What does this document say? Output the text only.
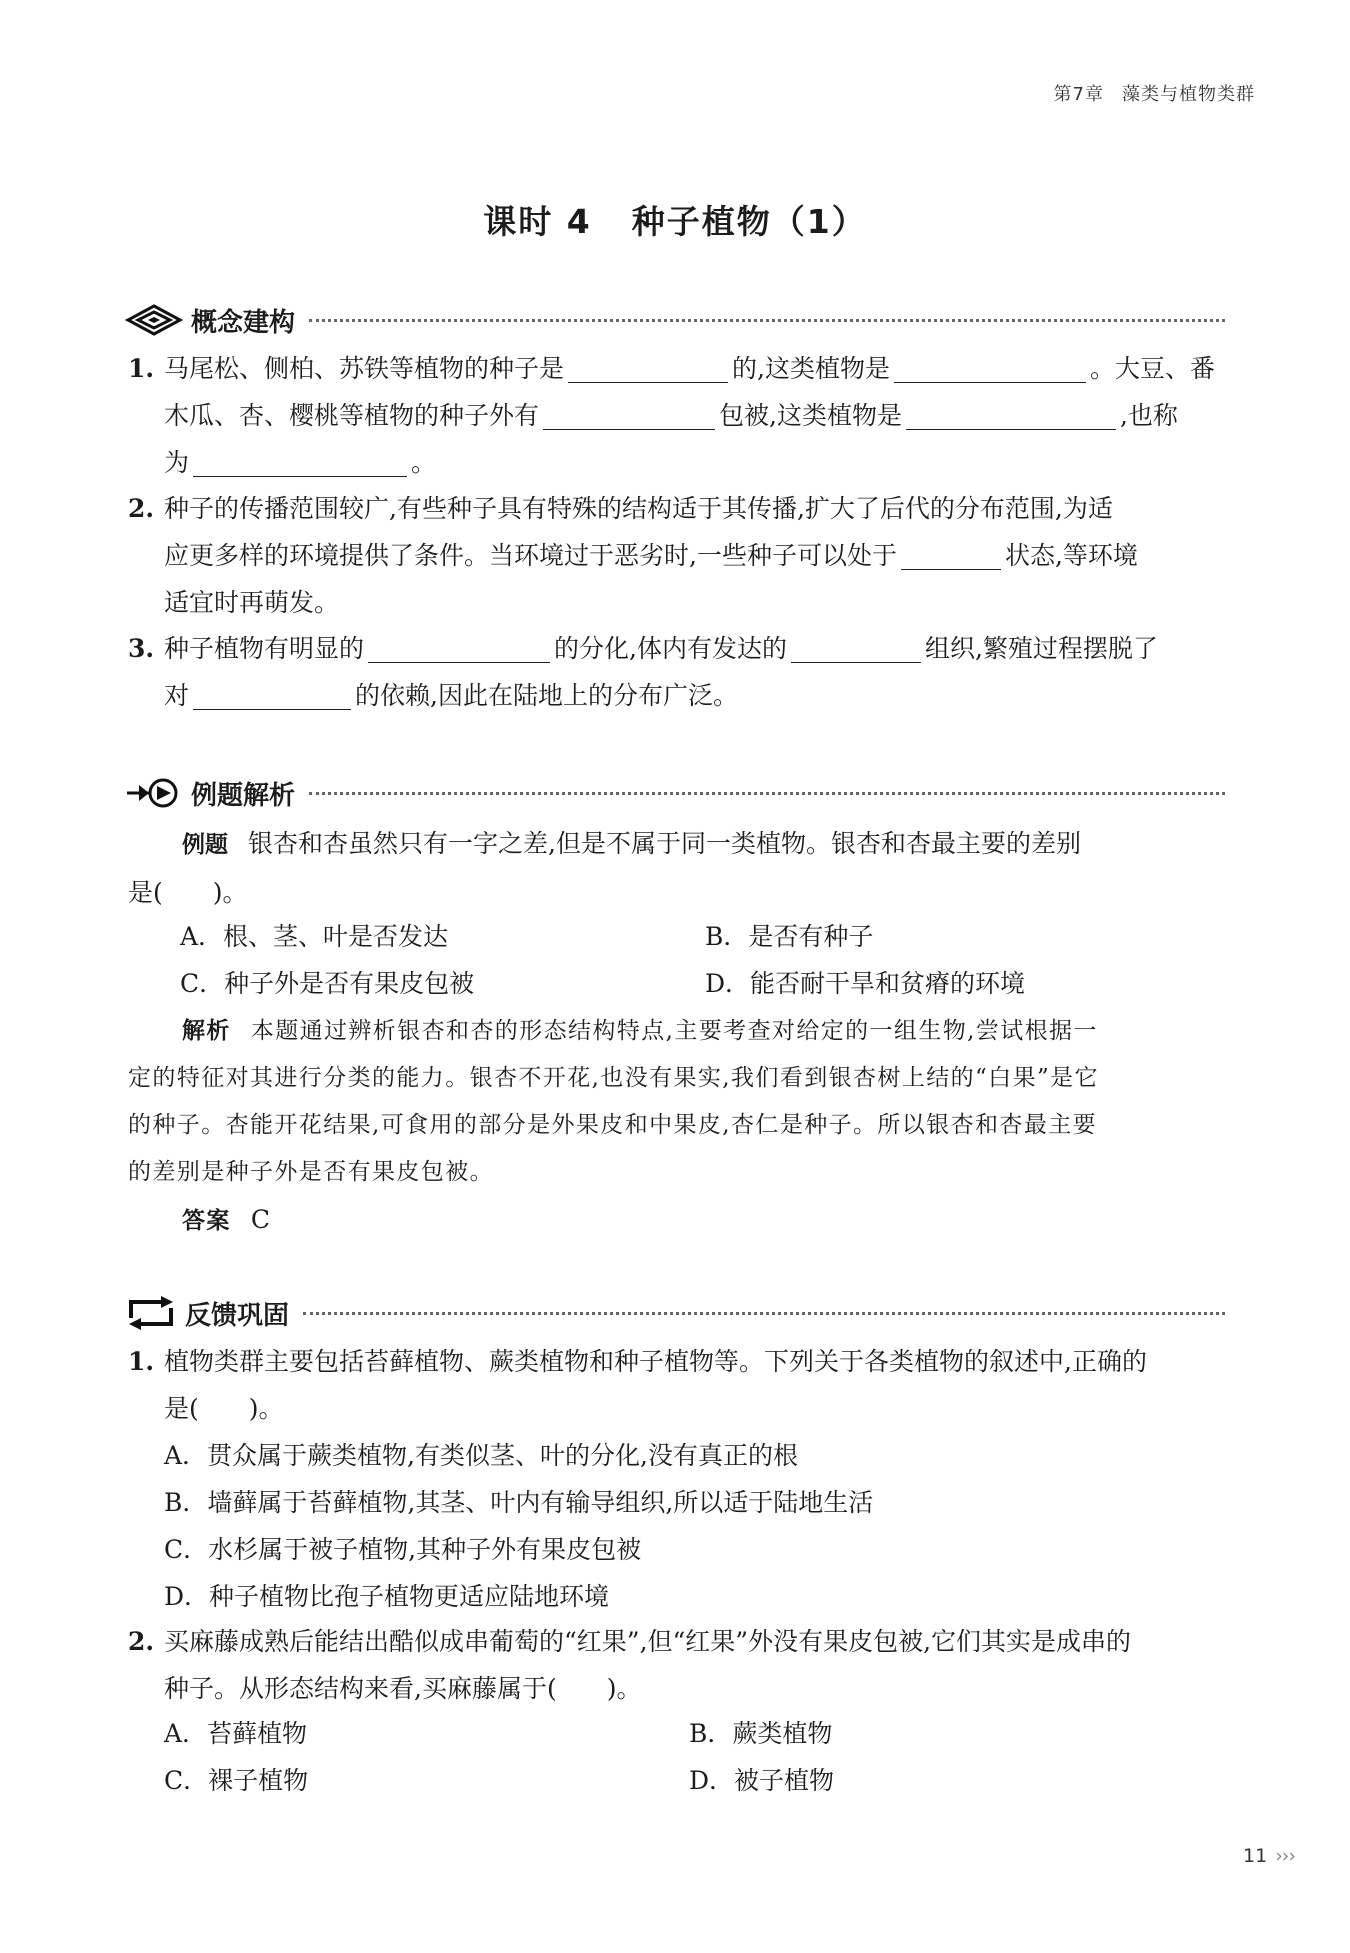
第7章 藻类与植物类群
课时 4 种子植物（1）
概念建构
1. 马尾松、侧柏、苏铁等植物的种子是	的,这类植物是	。大豆、番
木瓜、杏、樱桃等植物的种子外有	包被,这类植物是	,也称
为	。
2. 种子的传播范围较广,有些种子具有特殊的结构适于其传播,扩大了后代的分布范围,为适
应更多样的环境提供了条件。当环境过于恶劣时,一些种子可以处于	状态,等环境
适宜时再萌发。
3. 种子植物有明显的	的分化,体内有发达的	组织,繁殖过程摆脱了
对	的依赖,因此在陆地上的分布广泛。
例题解析
例题 银杏和杏虽然只有一字之差,但是不属于同一类植物。银杏和杏最主要的差别
是(　　)。
A．根、茎、叶是否发达	B．是否有种子
C．种子外是否有果皮包被	D．能否耐干旱和贫瘠的环境
解析 本题通过辨析银杏和杏的形态结构特点,主要考查对给定的一组生物,尝试根据一
定的特征对其进行分类的能力。银杏不开花,也没有果实,我们看到银杏树上结的“白果”是它
的种子。杏能开花结果,可食用的部分是外果皮和中果皮,杏仁是种子。所以银杏和杏最主要
的差别是种子外是否有果皮包被。
答案 C
反馈巩固
1. 植物类群主要包括苔藓植物、蕨类植物和种子植物等。下列关于各类植物的叙述中,正确的
是(　　)。
A．贯众属于蕨类植物,有类似茎、叶的分化,没有真正的根
B．墙藓属于苔藓植物,其茎、叶内有输导组织,所以适于陆地生活
C．水杉属于被子植物,其种子外有果皮包被
D．种子植物比孢子植物更适应陆地环境
2. 买麻藤成熟后能结出酷似成串葡萄的“红果”,但“红果”外没有果皮包被,它们其实是成串的
种子。从形态结构来看,买麻藤属于(　　)。
A．苔藓植物	B．蕨类植物
C．裸子植物	D．被子植物
11 ›››
